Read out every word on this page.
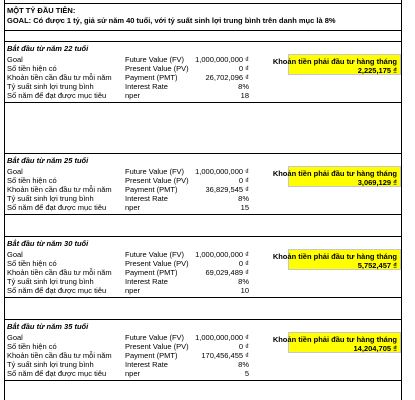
MỘT TỶ ĐẦU TIÊN:
GOAL: Có được 1 tỷ, giả sử năm 40 tuổi, với tỷ suất sinh lợi trung bình trên danh mục là 8%
Bắt đầu từ năm 22 tuổi
Goal
Số tiền hiện có
Khoản tiền cần đầu tư mỗi năm
Tỷ suất sinh lợi trung bình
Số năm để đạt được mục tiêu
Future Value (FV)
Present Value (PV)
Payment (PMT)
Interest Rate
nper
1,000,000,000 ₫
0 ₫
26,702,096 ₫
8%
18
Khoản tiền phải đầu tư hàng tháng
2,225,175 ₫
Bắt đầu từ năm 25 tuổi
Goal
Số tiền hiện có
Khoản tiền cần đầu tư mỗi năm
Tỷ suất sinh lợi trung bình
Số năm để đạt được mục tiêu
Future Value (FV)
Present Value (PV)
Payment (PMT)
Interest Rate
nper
1,000,000,000 ₫
0 ₫
36,829,545 ₫
8%
15
Khoản tiền phải đầu tư hàng tháng
3,069,129 ₫
Bắt đầu từ năm 30 tuổi
Goal
Số tiền hiện có
Khoản tiền cần đầu tư mỗi năm
Tỷ suất sinh lợi trung bình
Số năm để đạt được mục tiêu
Future Value (FV)
Present Value (PV)
Payment (PMT)
Interest Rate
nper
1,000,000,000 ₫
0 ₫
69,029,489 ₫
8%
10
Khoản tiền phải đầu tư hàng tháng
5,752,457 ₫
Bắt đầu từ năm 35 tuổi
Goal
Số tiền hiện có
Khoản tiền cần đầu tư mỗi năm
Tỷ suất sinh lợi trung bình
Số năm để đạt được mục tiêu
Future Value (FV)
Present Value (PV)
Payment (PMT)
Interest Rate
nper
1,000,000,000 ₫
0 ₫
170,456,455 ₫
8%
5
Khoản tiền phải đầu tư hàng tháng
14,204,705 ₫
